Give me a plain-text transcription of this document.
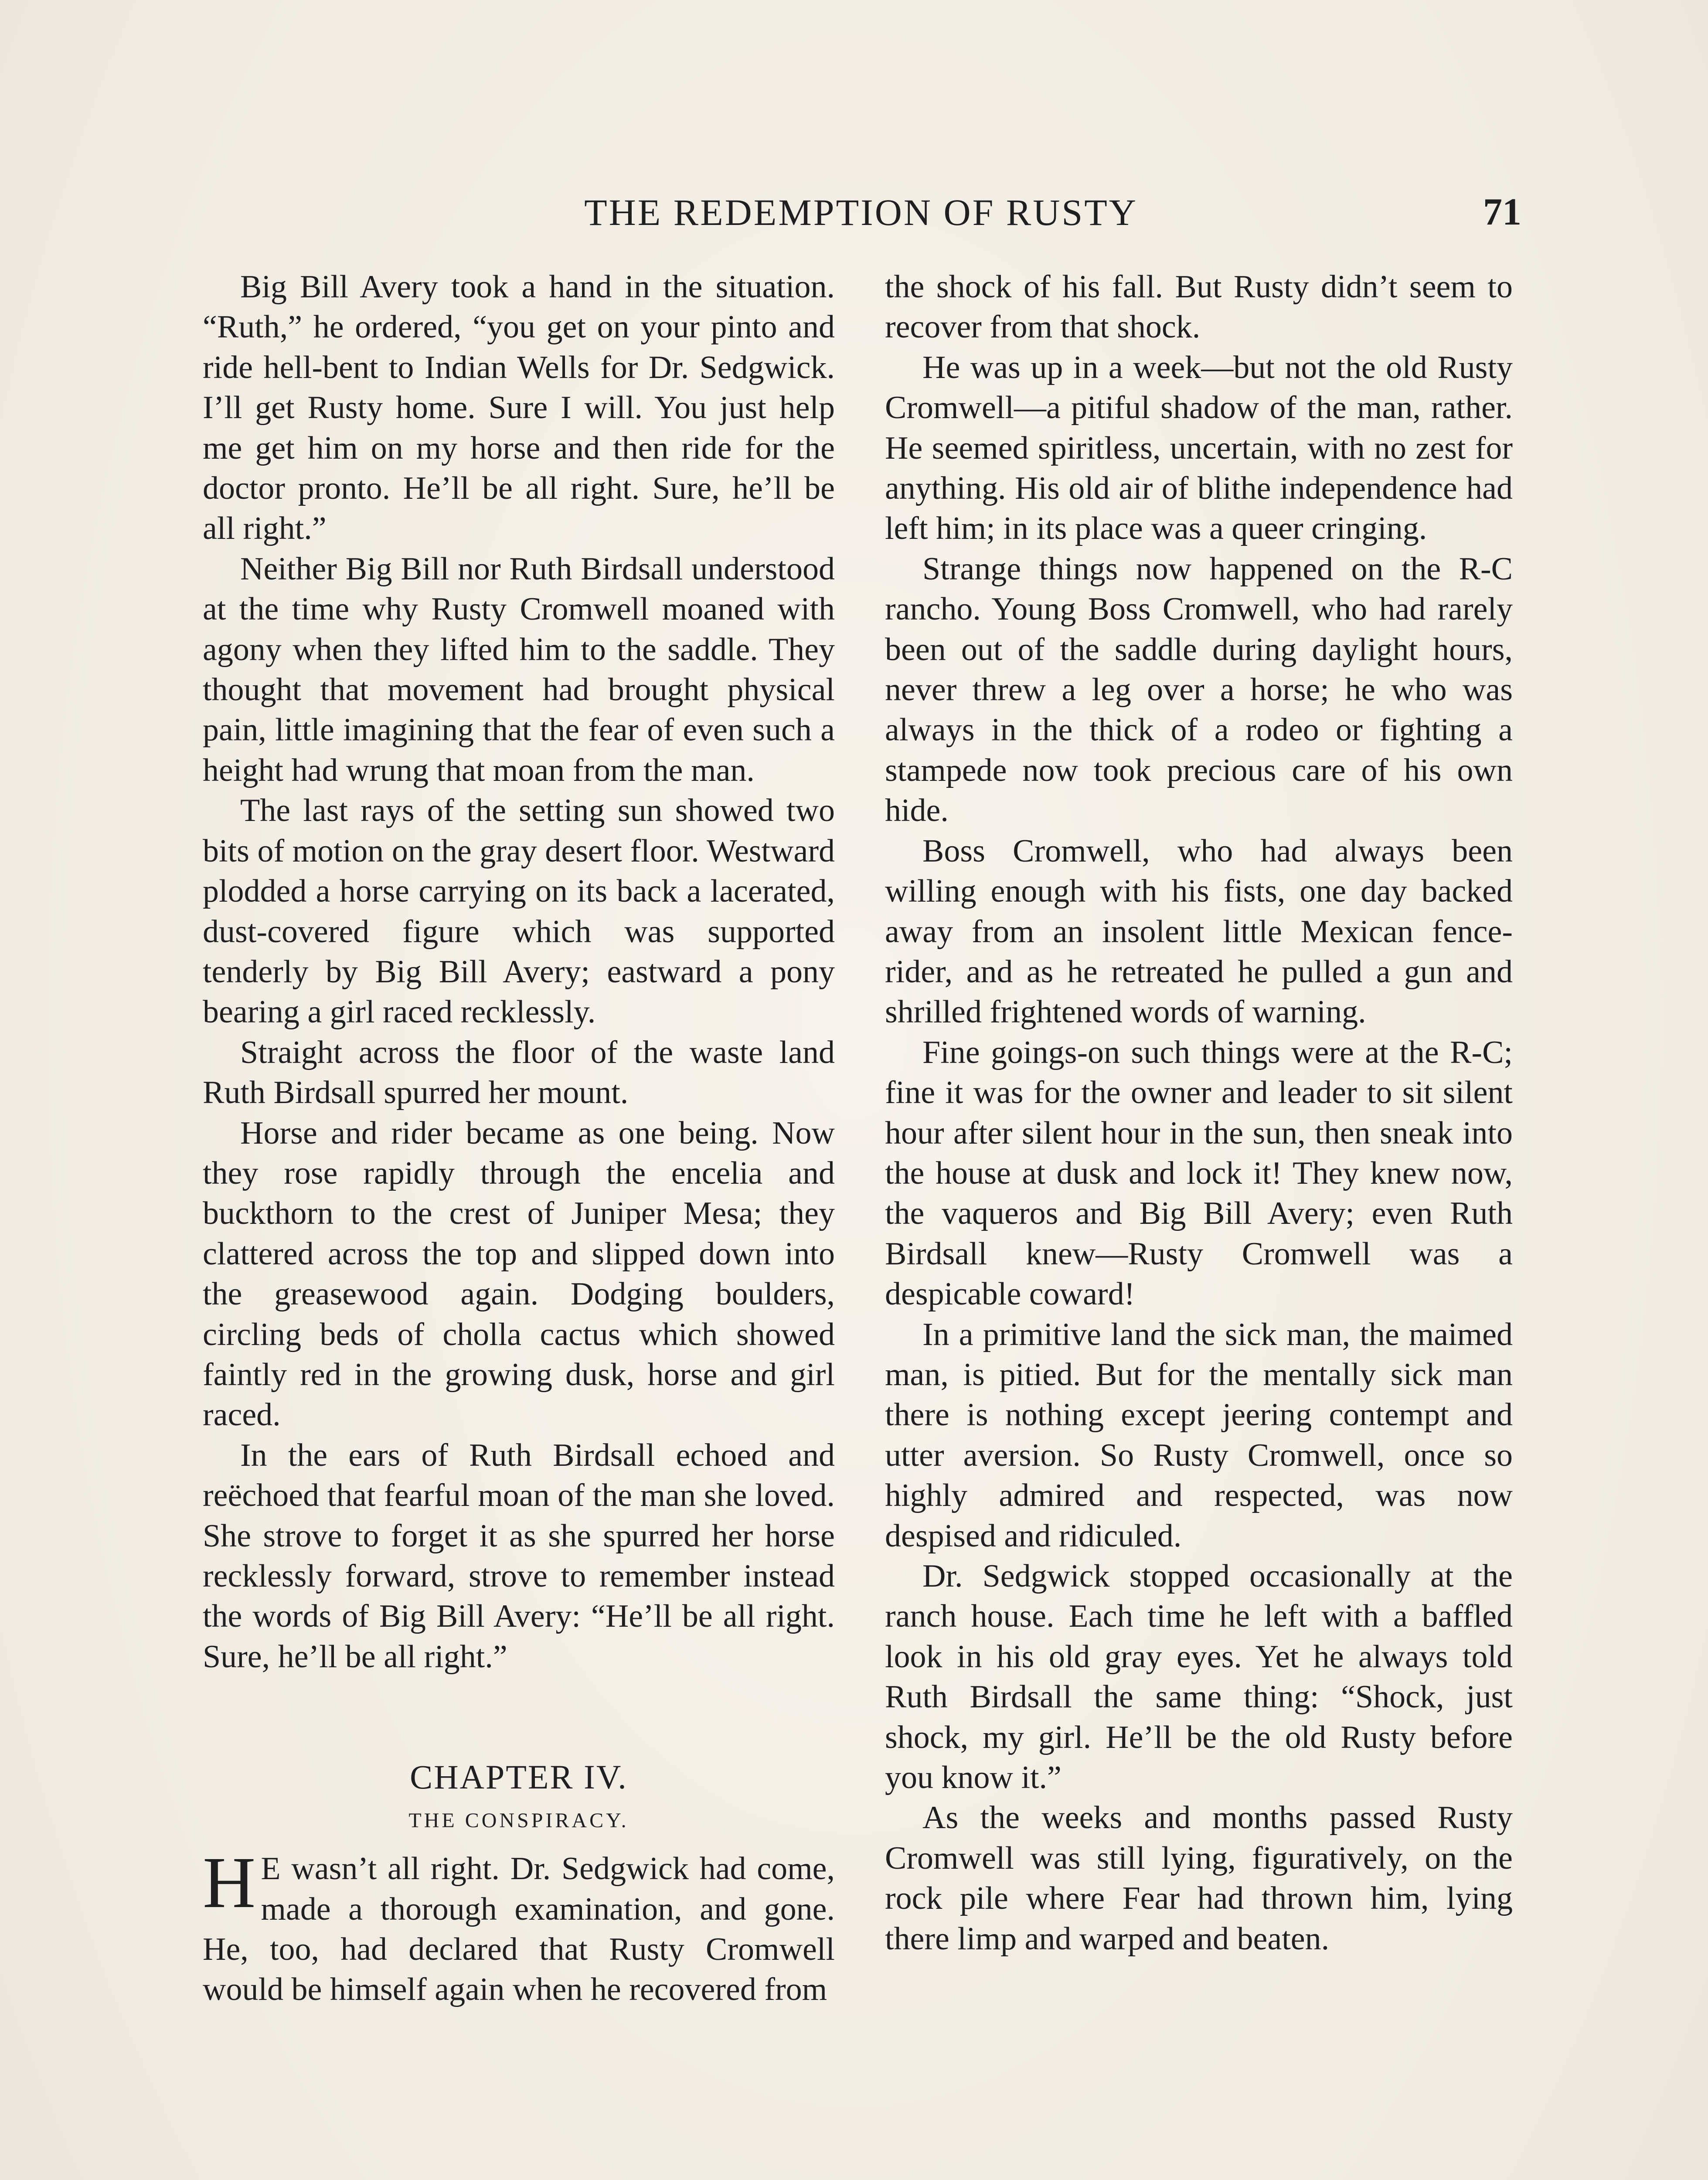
THE REDEMPTION OF RUSTY	71

Big Bill Avery took a hand in the situation. “Ruth,” he ordered, “you get on your pinto and ride hell-bent to Indian Wells for Dr. Sedgwick. I’ll get Rusty home. Sure I will. You just help me get him on my horse and then ride for the doctor pronto. He’ll be all right. Sure, he’ll be all right.”

Neither Big Bill nor Ruth Birdsall understood at the time why Rusty Cromwell moaned with agony when they lifted him to the saddle. They thought that movement had brought physical pain, little imagining that the fear of even such a height had wrung that moan from the man.

The last rays of the setting sun showed two bits of motion on the gray desert floor. Westward plodded a horse carrying on its back a lacerated, dust-covered figure which was supported tenderly by Big Bill Avery; eastward a pony bearing a girl raced recklessly.

Straight across the floor of the waste land Ruth Birdsall spurred her mount.

Horse and rider became as one being. Now they rose rapidly through the encelia and buckthorn to the crest of Juniper Mesa; they clattered across the top and slipped down into the greasewood again. Dodging boulders, circling beds of cholla cactus which showed faintly red in the growing dusk, horse and girl raced.

In the ears of Ruth Birdsall echoed and reëchoed that fearful moan of the man she loved. She strove to forget it as she spurred her horse recklessly forward, strove to remember instead the words of Big Bill Avery: “He’ll be all right. Sure, he’ll be all right.”

CHAPTER IV.
THE CONSPIRACY.

H E wasn’t all right. Dr. Sedgwick had come, made a thorough examination, and gone. He, too, had declared that Rusty Cromwell would be himself again when he recovered from

the shock of his fall. But Rusty didn’t seem to recover from that shock.

He was up in a week—but not the old Rusty Cromwell—a pitiful shadow of the man, rather. He seemed spiritless, uncertain, with no zest for anything. His old air of blithe independence had left him; in its place was a queer cringing.

Strange things now happened on the R-C rancho. Young Boss Cromwell, who had rarely been out of the saddle during daylight hours, never threw a leg over a horse; he who was always in the thick of a rodeo or fighting a stampede now took precious care of his own hide.

Boss Cromwell, who had always been willing enough with his fists, one day backed away from an insolent little Mexican fence-rider, and as he retreated he pulled a gun and shrilled frightened words of warning.

Fine goings-on such things were at the R-C; fine it was for the owner and leader to sit silent hour after silent hour in the sun, then sneak into the house at dusk and lock it! They knew now, the vaqueros and Big Bill Avery; even Ruth Birdsall knew—Rusty Cromwell was a despicable coward!

In a primitive land the sick man, the maimed man, is pitied. But for the mentally sick man there is nothing except jeering contempt and utter aversion. So Rusty Cromwell, once so highly admired and respected, was now despised and ridiculed.

Dr. Sedgwick stopped occasionally at the ranch house. Each time he left with a baffled look in his old gray eyes. Yet he always told Ruth Birdsall the same thing: “Shock, just shock, my girl. He’ll be the old Rusty before you know it.”

As the weeks and months passed Rusty Cromwell was still lying, figuratively, on the rock pile where Fear had thrown him, lying there limp and warped and beaten.
